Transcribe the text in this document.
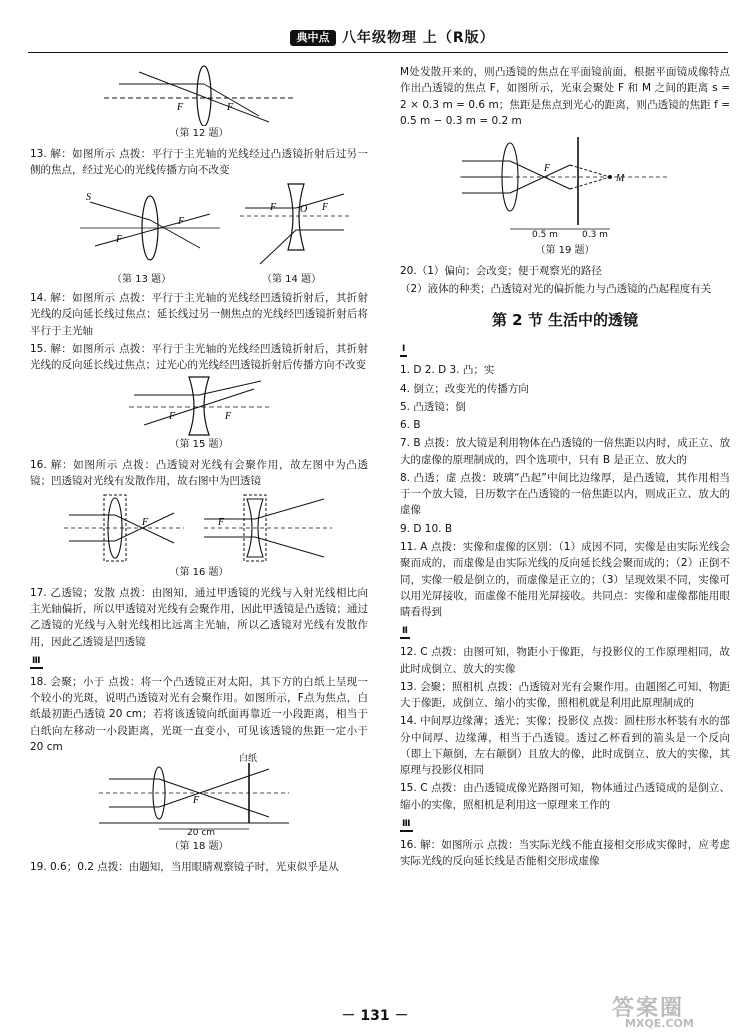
典中点 八年级物理 上（R版）
F	F

（第 12 题）

13. 解：如图所示 点拨：平行于主光轴的光线经过凸透镜折射后过另一侧的焦点，经过光心的光线传播方向不改变

S
F
F
F O F
（第 13 题）	（第 14 题）

14. 解：如图所示 点拨：平行于主光轴的光线经凹透镜折射后，其折射光线的反向延长线过焦点；延长线过另一侧焦点的光线经凹透镜折射后将平行于主光轴

15. 解：如图所示 点拨：平行于主光轴的光线经凹透镜折射后，其折射光线的反向延长线过焦点；过光心的光线经凹透镜折射后传播方向不改变

F	F

（第 15 题）

16. 解：如图所示 点拨：凸透镜对光线有会聚作用，故左图中为凸透镜；凹透镜对光线有发散作用，故右图中为凹透镜

F	F

（第 16 题）

17. 乙透镜；发散 点拨：由图知，通过甲透镜的光线与入射光线相比向主光轴偏折，所以甲透镜对光线有会聚作用，因此甲透镜是凸透镜；通过乙透镜的光线与入射光线相比远离主光轴，所以乙透镜对光线有发散作用，因此乙透镜是凹透镜

Ⅲ

18. 会聚；小于 点拨：将一个凸透镜正对太阳，其下方的白纸上呈现一个较小的光斑，说明凸透镜对光有会聚作用。如图所示，F点为焦点，白纸最初距凸透镜 20 cm；若将该透镜向纸面再靠近一小段距离，相当于白纸向左移动一小段距离，光斑一直变小，可见该透镜的焦距一定小于 20 cm

F
白纸
20 cm

（第 18 题）

19. 0.6；0.2 点拨：由题知，当用眼睛观察镜子时，光束似乎是从

M处发散开来的，则凸透镜的焦点在平面镜前面，根据平面镜成像特点作出凸透镜的焦点 F，如图所示，光束会聚处 F 和 M 之间的距离 s = 2 × 0.3 m = 0.6 m；焦距是焦点到光心的距离，则凸透镜的焦距 f = 0.5 m − 0.3 m = 0.2 m

F
M
0.5 m	0.3 m

（第 19 题）

20.（1）偏向；会改变；便于观察光的路径

（2）液体的种类；凸透镜对光的偏折能力与凸透镜的凸起程度有关

第 2 节 生活中的透镜
Ⅰ

1. D 2. D 3. 凸；实

4. 倒立；改变光的传播方向

5. 凸透镜；倒

6. B

7. B 点拨：放大镜是利用物体在凸透镜的一倍焦距以内时，成正立、放大的虚像的原理制成的，四个选项中，只有 B 是正立、放大的

8. 凸透；虚 点拨：玻璃“凸起”中间比边缘厚，是凸透镜，其作用相当于一个放大镜，日历数字在凸透镜的一倍焦距以内，则成正立、放大的虚像

9. D 10. B

11. A 点拨：实像和虚像的区别：（1）成因不同，实像是由实际光线会聚而成的，而虚像是由实际光线的反向延长线会聚而成的；（2）正倒不同，实像一般是倒立的，而虚像是正立的；（3）呈现效果不同，实像可以用光屏接收，而虚像不能用光屏接收。共同点：实像和虚像都能用眼睛看得到

Ⅱ

12. C 点拨：由图可知，物距小于像距，与投影仪的工作原理相同，故此时成倒立、放大的实像

13. 会聚；照相机 点拨：凸透镜对光有会聚作用。由题图乙可知，物距大于像距，成倒立、缩小的实像，照相机就是利用此原理制成的

14. 中间厚边缘薄；透光；实像；投影仪 点拨：圆柱形水杯装有水的部分中间厚、边缘薄，相当于凸透镜。透过乙杯看到的箭头是一个反向（即上下颠倒，左右颠倒）且放大的像，此时成倒立、放大的实像，其原理与投影仪相同

15. C 点拨：由凸透镜成像光路图可知，物体通过凸透镜成的是倒立、缩小的实像，照相机是利用这一原理来工作的

Ⅲ

16. 解：如图所示 点拨：当实际光线不能直接相交形成实像时，应考虑实际光线的反向延长线是否能相交形成虚像

－ 131 －	答案圈
MXQE.COM
